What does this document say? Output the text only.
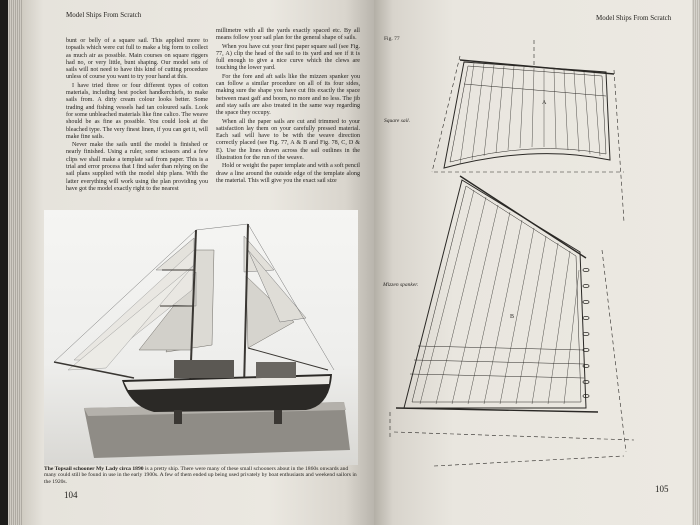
Model Ships From Scratch

bunt or belly of a square sail. This applied more to topsails which were cut full to make a big form to collect as much air as possible. Main courses on square riggers had no, or very little, bunt shaping. Our model sets of sails will not need to have this kind of cutting procedure unless of course you want to try your hand at this.

I have tried three or four different types of cotton materials, including best pocket handkerchiefs, to make sails from. A dirty cream colour looks better. Some trading and fishing vessels had tan coloured sails. Look for some unbleached materials like fine calico. The weave should be as fine as possible. You could look at the bleached type. The very finest linen, if you can get it, will make fine sails.

Never make the sails until the model is finished or nearly finished. Using a ruler, some scissors and a few clips we shall make a template sail from paper. This is a trial and error process that I find safer than relying on the sail plans supplied with the model ship plans. With the latter everything will work using the plan providing you have got the model exactly right to the nearest

millimetre with all the yards exactly spaced etc. By all means follow your sail plan for the general shape of sails.

When you have cut your first paper square sail (see Fig. 77, A) clip the head of the sail to its yard and see if it is full enough to give a nice curve which the clews are touching the lower yard.

For the fore and aft sails like the mizzen spanker you can follow a similar procedure on all of its four sides, making sure the shape you have cut fits exactly the space between mast gaff and boom, no more and no less. The jib and stay sails are also treated in the same way regarding the space they occupy.

When all the paper sails are cut and trimmed to your satisfaction lay them on your carefully pressed material. Each sail will have to be with the weave direction correctly placed (see Fig. 77, A & B and Fig. 78, C, D & E). Use the lines drawn across the sail outlines in the illustration for the run of the weave.

Hold or weight the paper template and with a soft pencil draw a line around the outside edge of the template along the material. This will give you the exact sail size

The Topsail schooner My Lady circa 1890 is a pretty ship. There were many of these small schooners about in the 1860s onwards and many could still be found in use in the early 1900s. A few of them ended up being used privately by boat enthusiasts and weekend sailors in the 1920s.
104
Model Ships From Scratch
Fig. 77
Square sail.
Mizzen spanker.
A
B
105
